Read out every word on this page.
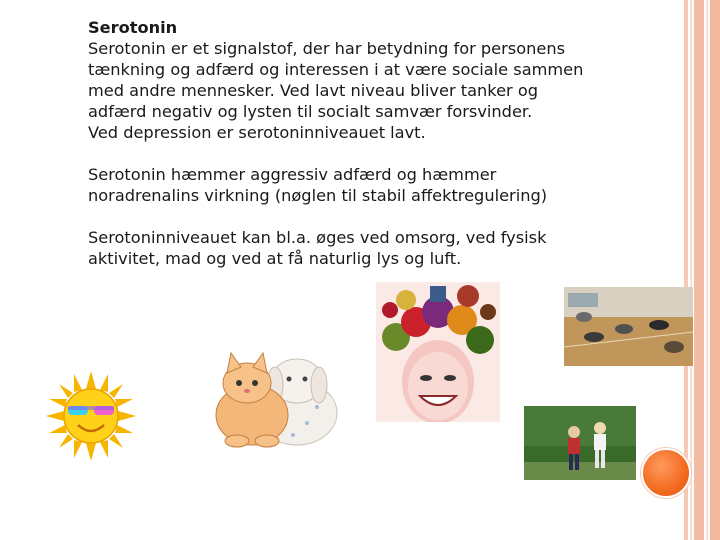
Serotonin

Serotonin er et signalstof, der har betydning for personens

tænkning og adfærd og interessen i at være sociale sammen

med andre mennesker. Ved lavt niveau bliver tanker og

adfærd negativ og lysten til socialt samvær forsvinder.

Ved depression er serotoninniveauet lavt.

Serotonin hæmmer aggressiv adfærd og hæmmer

noradrenalins virkning (nøglen til stabil affektregulering)

Serotoninniveauet kan bl.a. øges ved omsorg, ved fysisk

aktivitet, mad og ved at få naturlig lys og luft.
